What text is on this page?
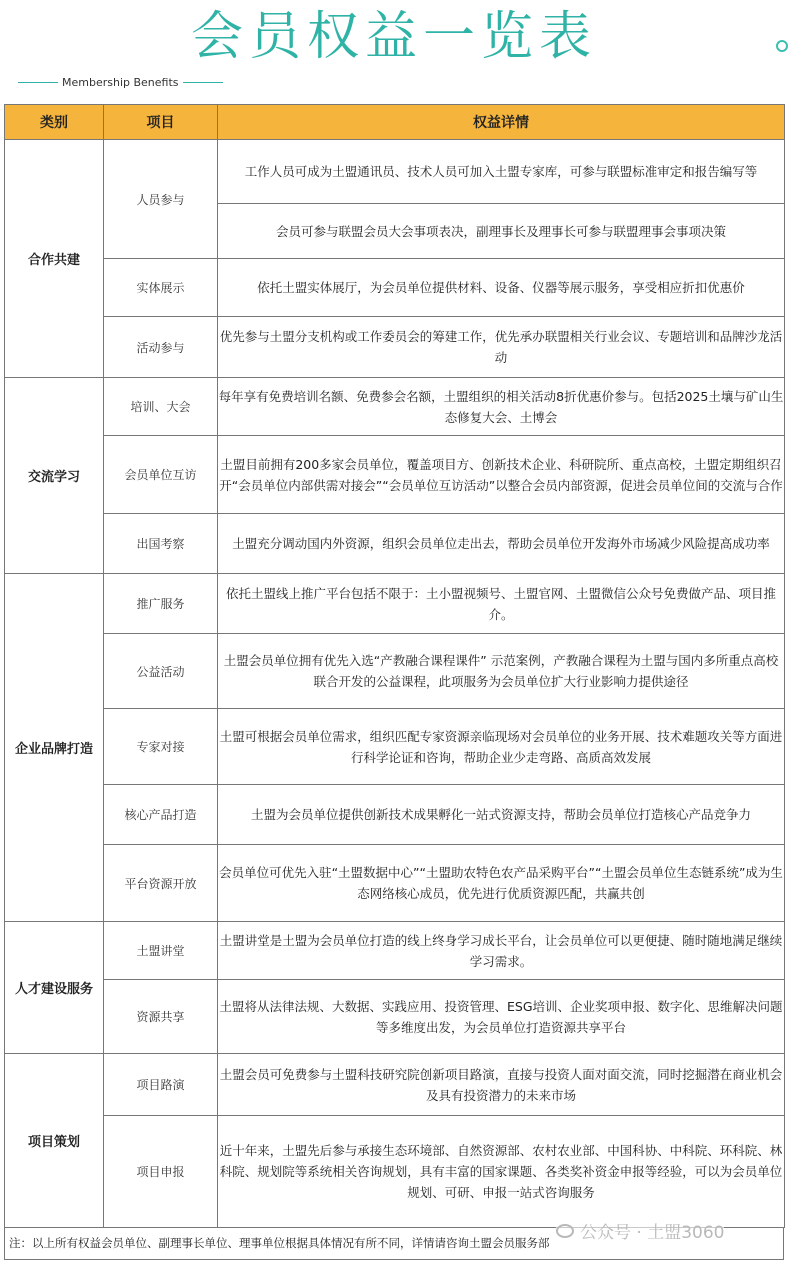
会员权益一览表
Membership Benefits
类别	项目	权益详情
合作共建	人员参与	工作人员可成为土盟通讯员、技术人员可加入土盟专家库，可参与联盟标准审定和报告编写等
		会员可参与联盟会员大会事项表决，副理事长及理事长可参与联盟理事会事项决策
	实体展示	依托土盟实体展厅，为会员单位提供材料、设备、仪器等展示服务，享受相应折扣优惠价
	活动参与	优先参与土盟分支机构或工作委员会的筹建工作，优先承办联盟相关行业会议、专题培训和品牌沙龙活动
交流学习	培训、大会	每年享有免费培训名额、免费参会名额，土盟组织的相关活动8折优惠价参与。包括2025土壤与矿山生态修复大会、土博会
	会员单位互访	土盟目前拥有200多家会员单位，覆盖项目方、创新技术企业、科研院所、重点高校，土盟定期组织召开“会员单位内部供需对接会”“会员单位互访活动”以整合会员内部资源，促进会员单位间的交流与合作
	出国考察	土盟充分调动国内外资源，组织会员单位走出去，帮助会员单位开发海外市场减少风险提高成功率
企业品牌打造	推广服务	依托土盟线上推广平台包括不限于：土小盟视频号、土盟官网、土盟微信公众号免费做产品、项目推介。
	公益活动	土盟会员单位拥有优先入选“产教融合课程课件” 示范案例，产教融合课程为土盟与国内多所重点高校联合开发的公益课程，此项服务为会员单位扩大行业影响力提供途径
	专家对接	土盟可根据会员单位需求，组织匹配专家资源亲临现场对会员单位的业务开展、技术难题攻关等方面进行科学论证和咨询，帮助企业少走弯路、高质高效发展
	核心产品打造	土盟为会员单位提供创新技术成果孵化一站式资源支持，帮助会员单位打造核心产品竞争力
	平台资源开放	会员单位可优先入驻“土盟数据中心”“土盟助农特色农产品采购平台”“土盟会员单位生态链系统”成为生态网络核心成员，优先进行优质资源匹配，共赢共创
人才建设服务	土盟讲堂	土盟讲堂是土盟为会员单位打造的线上终身学习成长平台，让会员单位可以更便捷、随时随地满足继续学习需求。
	资源共享	土盟将从法律法规、大数据、实践应用、投资管理、ESG培训、企业奖项申报、数字化、思维解决问题等多维度出发，为会员单位打造资源共享平台
项目策划	项目路演	土盟会员可免费参与土盟科技研究院创新项目路演，直接与投资人面对面交流，同时挖掘潜在商业机会及具有投资潜力的未来市场
	项目申报	近十年来，土盟先后参与承接生态环境部、自然资源部、农村农业部、中国科协、中科院、环科院、林科院、规划院等系统相关咨询规划，具有丰富的国家课题、各类奖补资金申报等经验，可以为会员单位规划、可研、申报一站式咨询服务
注：以上所有权益会员单位、副理事长单位、理事单位根据具体情况有所不同，详情请咨询土盟会员服务部	公众号 · 土盟3060
